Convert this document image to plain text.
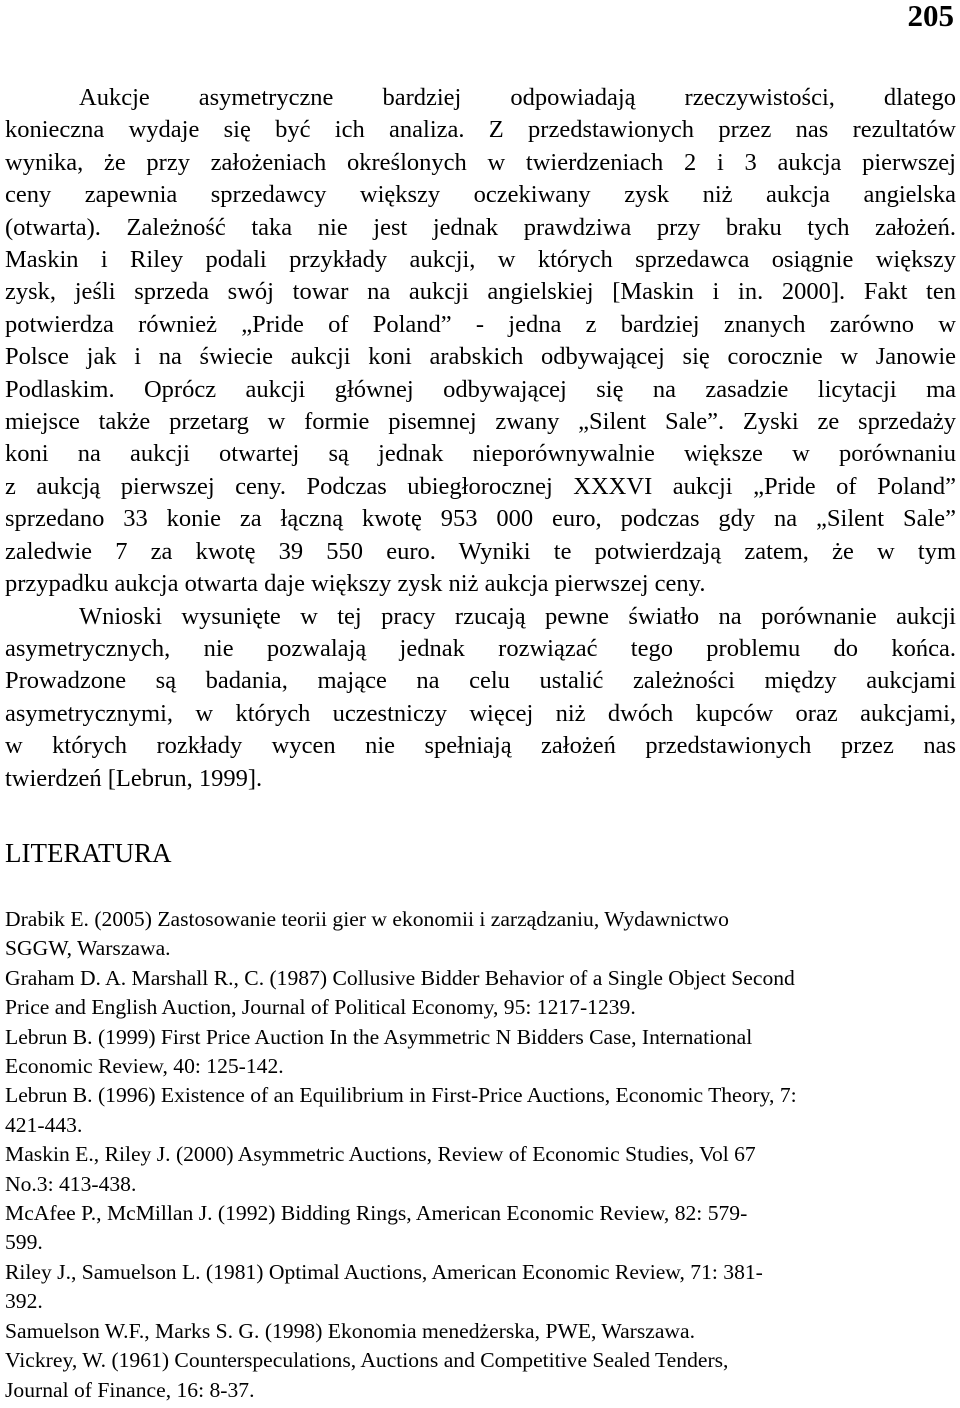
205

Aukcje asymetryczne bardziej odpowiadają rzeczywistości, dlatego
konieczna wydaje się być ich analiza. Z przedstawionych przez nas rezultatów
wynika, że przy założeniach określonych w twierdzeniach 2 i 3 aukcja pierwszej
ceny zapewnia sprzedawcy większy oczekiwany zysk niż aukcja angielska
(otwarta). Zależność taka nie jest jednak prawdziwa przy braku tych założeń.
Maskin i Riley podali przykłady aukcji, w których sprzedawca osiągnie większy
zysk, jeśli sprzeda swój towar na aukcji angielskiej [Maskin i in. 2000]. Fakt ten
potwierdza również „Pride of Poland” - jedna z bardziej znanych zarówno w
Polsce jak i na świecie aukcji koni arabskich odbywającej się corocznie w Janowie
Podlaskim. Oprócz aukcji głównej odbywającej się na zasadzie licytacji ma
miejsce także przetarg w formie pisemnej zwany „Silent Sale”. Zyski ze sprzedaży
koni na aukcji otwartej są jednak nieporównywalnie większe w porównaniu
z aukcją pierwszej ceny. Podczas ubiegłorocznej XXXVI aukcji „Pride of Poland”
sprzedano 33 konie za łączną kwotę 953 000 euro, podczas gdy na „Silent Sale”
zaledwie 7 za kwotę 39 550 euro. Wyniki te potwierdzają zatem, że w tym
przypadku aukcja otwarta daje większy zysk niż aukcja pierwszej ceny.

Wnioski wysunięte w tej pracy rzucają pewne światło na porównanie aukcji
asymetrycznych, nie pozwalają jednak rozwiązać tego problemu do końca.
Prowadzone są badania, mające na celu ustalić zależności między aukcjami
asymetrycznymi, w których uczestniczy więcej niż dwóch kupców oraz aukcjami,
w których rozkłady wycen nie spełniają założeń przedstawionych przez nas
twierdzeń [Lebrun, 1999].

LITERATURA
Drabik E. (2005) Zastosowanie teorii gier w ekonomii i zarządzaniu, Wydawnictwo
SGGW, Warszawa.
Graham D. A. Marshall R., C. (1987) Collusive Bidder Behavior of a Single Object Second
Price and English Auction, Journal of Political Economy, 95: 1217-1239.
Lebrun B. (1999) First Price Auction In the Asymmetric N Bidders Case, International
Economic Review, 40: 125-142.
Lebrun B. (1996) Existence of an Equilibrium in First-Price Auctions, Economic Theory, 7:
421-443.
Maskin E., Riley J. (2000) Asymmetric Auctions, Review of Economic Studies, Vol 67
No.3: 413-438.
McAfee P., McMillan J. (1992) Bidding Rings, American Economic Review, 82: 579-
599.
Riley J., Samuelson L. (1981) Optimal Auctions, American Economic Review, 71: 381-
392.
Samuelson W.F., Marks S. G. (1998) Ekonomia menedżerska, PWE, Warszawa.
Vickrey, W. (1961) Counterspeculations, Auctions and Competitive Sealed Tenders,
Journal of Finance, 16: 8-37.
